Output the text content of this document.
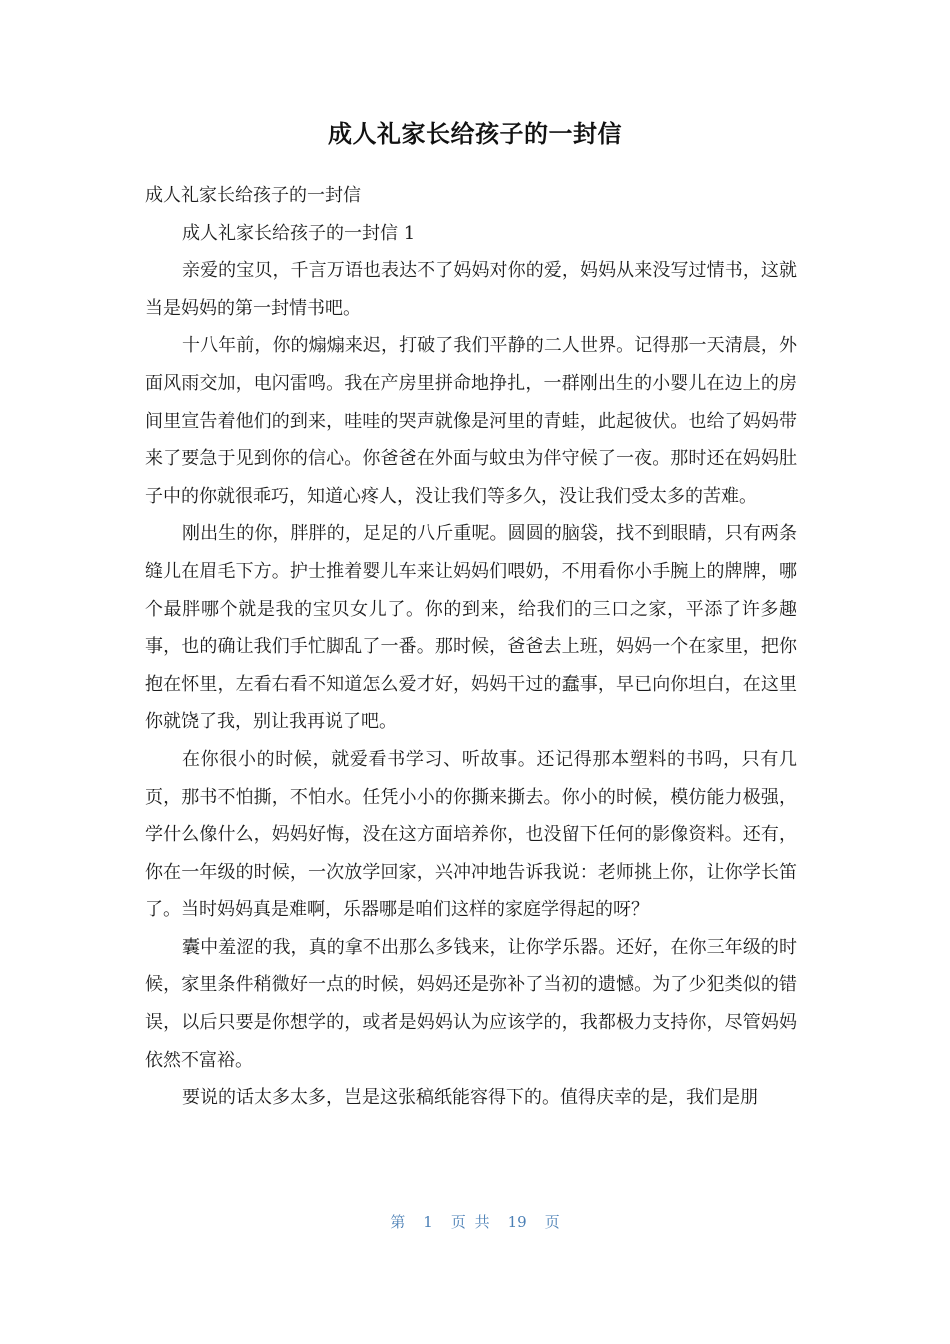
成人礼家长给孩子的一封信

成人礼家长给孩子的一封信

成人礼家长给孩子的一封信 1

亲爱的宝贝，千言万语也表达不了妈妈对你的爱，妈妈从来没写过情书，这就当是妈妈的第一封情书吧。

十八年前，你的煽煽来迟，打破了我们平静的二人世界。记得那一天清晨，外面风雨交加，电闪雷鸣。我在产房里拼命地挣扎，一群刚出生的小婴儿在边上的房间里宣告着他们的到来，哇哇的哭声就像是河里的青蛙，此起彼伏。也给了妈妈带来了要急于见到你的信心。你爸爸在外面与蚊虫为伴守候了一夜。那时还在妈妈肚子中的你就很乖巧，知道心疼人，没让我们等多久，没让我们受太多的苦难。

刚出生的你，胖胖的，足足的八斤重呢。圆圆的脑袋，找不到眼睛，只有两条缝儿在眉毛下方。护士推着婴儿车来让妈妈们喂奶，不用看你小手腕上的牌牌，哪个最胖哪个就是我的宝贝女儿了。你的到来，给我们的三口之家，平添了许多趣事，也的确让我们手忙脚乱了一番。那时候，爸爸去上班，妈妈一个在家里，把你抱在怀里，左看右看不知道怎么爱才好，妈妈干过的蠢事，早已向你坦白，在这里你就饶了我，别让我再说了吧。

在你很小的时候，就爱看书学习、听故事。还记得那本塑料的书吗，只有几页，那书不怕撕，不怕水。任凭小小的你撕来撕去。你小的时候，模仿能力极强，学什么像什么，妈妈好悔，没在这方面培养你，也没留下任何的影像资料。还有，你在一年级的时候，一次放学回家，兴冲冲地告诉我说：老师挑上你，让你学长笛了。当时妈妈真是难啊，乐器哪是咱们这样的家庭学得起的呀？

囊中羞涩的我，真的拿不出那么多钱来，让你学乐器。还好，在你三年级的时候，家里条件稍微好一点的时候，妈妈还是弥补了当初的遗憾。为了少犯类似的错误，以后只要是你想学的，或者是妈妈认为应该学的，我都极力支持你，尽管妈妈依然不富裕。

要说的话太多太多，岂是这张稿纸能容得下的。值得庆幸的是，我们是朋

第 1 页 共 19 页
